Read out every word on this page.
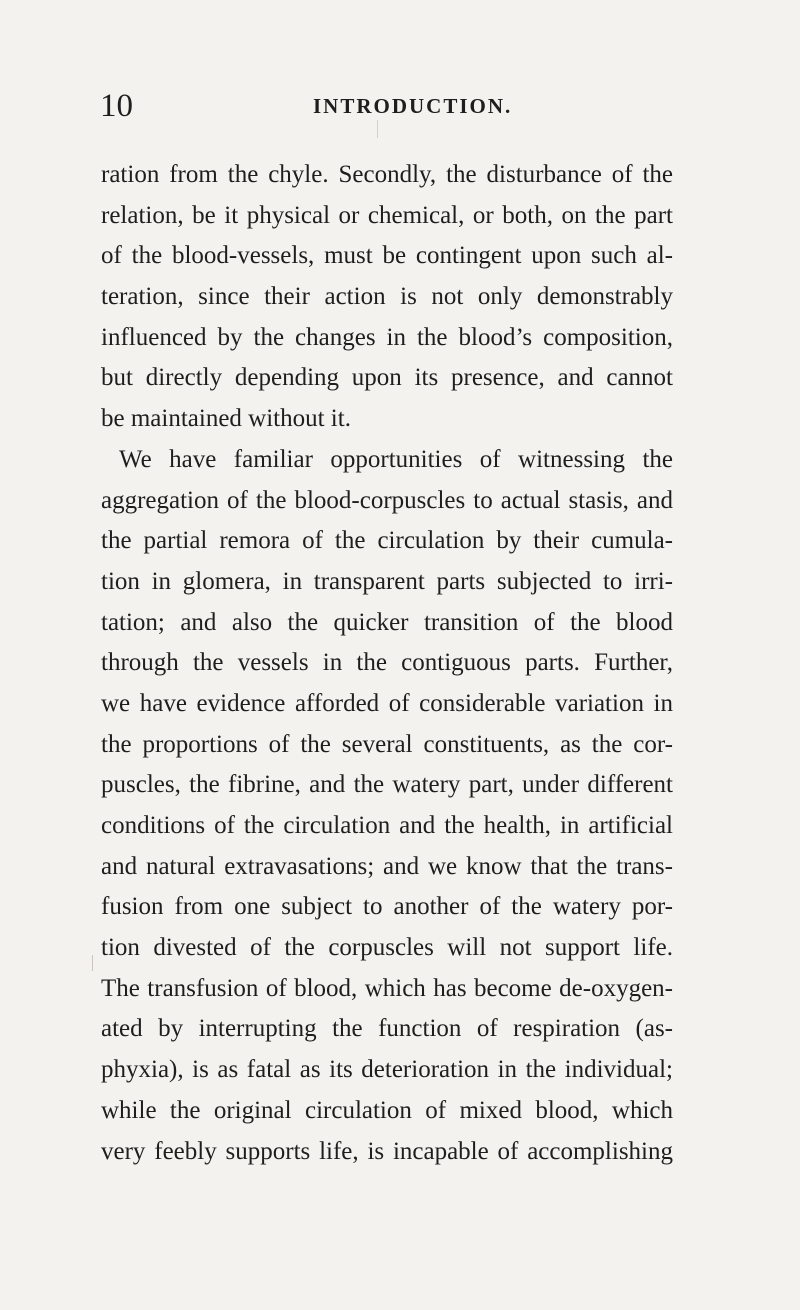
10	INTRODUCTION.
ration from the chyle. Secondly, the disturbance of the
relation, be it physical or chemical, or both, on the part
of the blood-vessels, must be contingent upon such al-
teration, since their action is not only demonstrably
influenced by the changes in the blood’s composition,
but directly depending upon its presence, and cannot
be maintained without it.
We have familiar opportunities of witnessing the
aggregation of the blood-corpuscles to actual stasis, and
the partial remora of the circulation by their cumula-
tion in glomera, in transparent parts subjected to irri-
tation; and also the quicker transition of the blood
through the vessels in the contiguous parts. Further,
we have evidence afforded of considerable variation in
the proportions of the several constituents, as the cor-
puscles, the fibrine, and the watery part, under different
conditions of the circulation and the health, in artificial
and natural extravasations; and we know that the trans-
fusion from one subject to another of the watery por-
tion divested of the corpuscles will not support life.
The transfusion of blood, which has become de-oxygen-
ated by interrupting the function of respiration (as-
phyxia), is as fatal as its deterioration in the individual;
while the original circulation of mixed blood, which
very feebly supports life, is incapable of accomplishing
